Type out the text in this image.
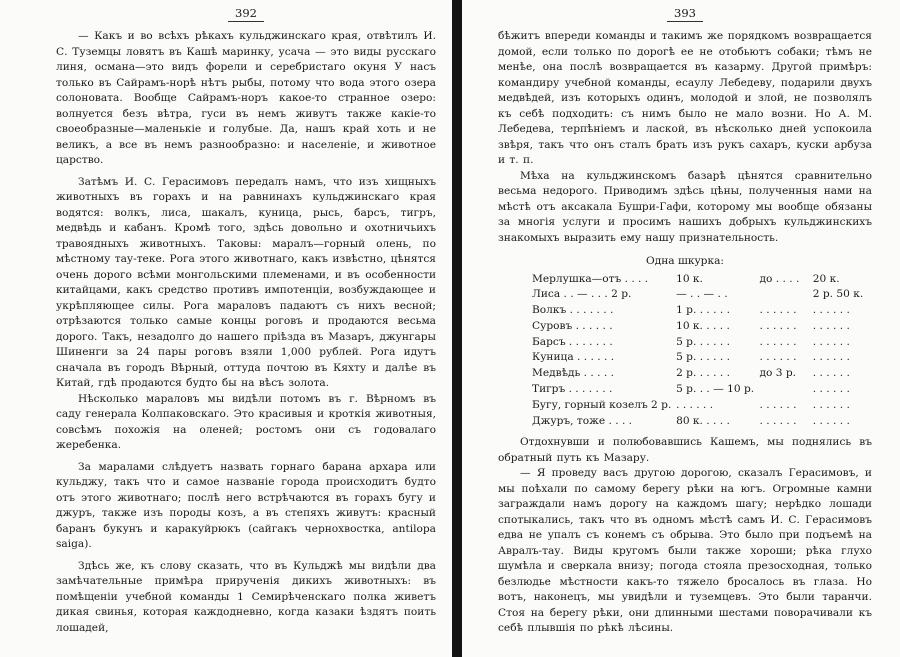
392

— Какъ и во всѣхъ рѣкахъ кульджинскаго края, отвѣтилъ И. С. Туземцы ловятъ въ Кашѣ маринку, усача — это виды русскаго линя, османа—это видъ форели и серебристаго окуня У насъ только въ Сайрамъ-норѣ нѣтъ рыбы, потому что вода этого озера солоновата. Вообще Сайрамъ-норъ какое-то странное озеро: волнуется безъ вѣтра, гуси въ немъ живутъ также какіе-то своеобразные—маленькіе и голубые. Да, нашъ край хоть и не великъ, а все въ немъ разнообразно: и населеніе, и животное царство.

Затѣмъ И. С. Герасимовъ передалъ намъ, что изъ хищныхъ животныхъ въ горахъ и на равнинахъ кульджинскаго края водятся: волкъ, лиса, шакалъ, куница, рысь, барсъ, тигръ, медвѣдь и кабанъ. Кромѣ того, здѣсь довольно и охотничьихъ травоядныхъ животныхъ. Таковы: маралъ—горный олень, по мѣстному тау-теке. Рога этого животнаго, какъ извѣстно, цѣнятся очень дорого всѣми монгольскими племенами, и въ особенности китайцами, какъ средство противъ импотенціи, возбуждающее и укрѣпляющее силы. Рога мараловъ падаютъ съ нихъ весной; отрѣзаются только самые концы роговъ и продаются весьма дорого. Такъ, незадолго до нашего пріѣзда въ Мазаръ, джунгары Шиненги за 24 пары роговъ взяли 1,000 рублей. Рога идутъ сначала въ городъ Вѣрный, оттуда почтою въ Кяхту и далѣе въ Китай, гдѣ продаются будто бы на вѣсъ золота.

Нѣсколько мараловъ мы видѣли потомъ въ г. Вѣрномъ въ саду генерала Колпаковскаго. Это красивыя и кроткія животныя, совсѣмъ похожія на оленей; ростомъ они съ годовалаго жеребенка.

За маралами слѣдуетъ назвать горнаго барана архара или кульджу, такъ что и самое названіе города происходитъ будто отъ этого животнаго; послѣ него встрѣчаются въ горахъ бугу и джуръ, также изъ породы козъ, а въ степяхъ живутъ: красный баранъ букунъ и каракуйрюкъ (сайгакъ чернохвостка, antilopa saiga).

Здѣсь же, къ слову сказать, что въ Кульджѣ мы видѣли два замѣчательные примѣра прирученія дикихъ животныхъ: въ помѣщеніи учебной команды 1 Семирѣченскаго полка живетъ дикая свинья, которая каждодневно, когда казаки ѣздятъ поить лошадей,

393

бѣжитъ впереди команды и такимъ же порядкомъ возвращается домой, если только по дорогѣ ее не отобьютъ собаки; тѣмъ не менѣе, она послѣ возвращается въ казарму. Другой примѣръ: командиру учебной команды, есаулу Лебедеву, подарили двухъ медвѣдей, изъ которыхъ одинъ, молодой и злой, не позволялъ къ себѣ подходить: съ нимъ было не мало возни. Но А. М. Лебедева, терпѣніемъ и лаской, въ нѣсколько дней успокоила звѣря, такъ что онъ сталъ брать изъ рукъ сахаръ, куски арбуза и т. п.

Мѣха на кульджинскомъ базарѣ цѣнятся сравнительно весьма недорого. Приводимъ здѣсь цѣны, полученныя нами на мѣстѣ отъ аксакала Бушри-Гафи, которому мы вообще обязаны за многія услуги и просимъ нашихъ добрыхъ кульджинскихъ знакомыхъ выразить ему нашу признательность.

Одна шкурка:
Мерлушка—отъ . . . .	10 к.	до . . . .	20 к.
Лиса . . — . . . 2 р.	— . . — . .		2 р. 50 к.
Волкъ . . . . . . .	1 р. . . . . .	. . . . . .	. . . . . .
Суровъ . . . . . .	10 к. . . . .	. . . . . .	. . . . . .
Барсъ . . . . . . .	5 р. . . . . .	. . . . . .	. . . . . .
Куница . . . . . .	5 р. . . . . .	. . . . . .	. . . . . .
Медвѣдь . . . . .	2 р. . . . . .	до 3 р.	. . . . . .
Тигръ . . . . . . .	5 р. . . — 10 р.		. . . . . .
Бугу, горный козелъ 2 р.	. . . . . .	. . . . . .	. . . . . .
Джуръ, тоже . . . .	80 к. . . . .	. . . . . .	. . . . . .

Отдохнувши и полюбовавшись Кашемъ, мы поднялись въ обратный путь къ Мазару.

— Я проведу васъ другою дорогою, сказалъ Герасимовъ, и мы поѣхали по самому берегу рѣки на югъ. Огромные камни заграждали намъ дорогу на каждомъ шагу; нерѣдко лошади спотыкались, такъ что въ одномъ мѣстѣ самъ И. С. Герасимовъ едва не упалъ съ конемъ съ обрыва. Это было при подъемѣ на Авралъ-тау. Виды кругомъ были также хороши; рѣка глухо шумѣла и сверкала внизу; погода стояла презосходная, только безлюдье мѣстности какъ-то тяжело бросалось въ глаза. Но вотъ, наконецъ, мы увидѣли и туземцевъ. Это были таранчи. Стоя на берегу рѣки, они длинными шестами поворачивали къ себѣ плывшія по рѣкѣ лѣсины.
